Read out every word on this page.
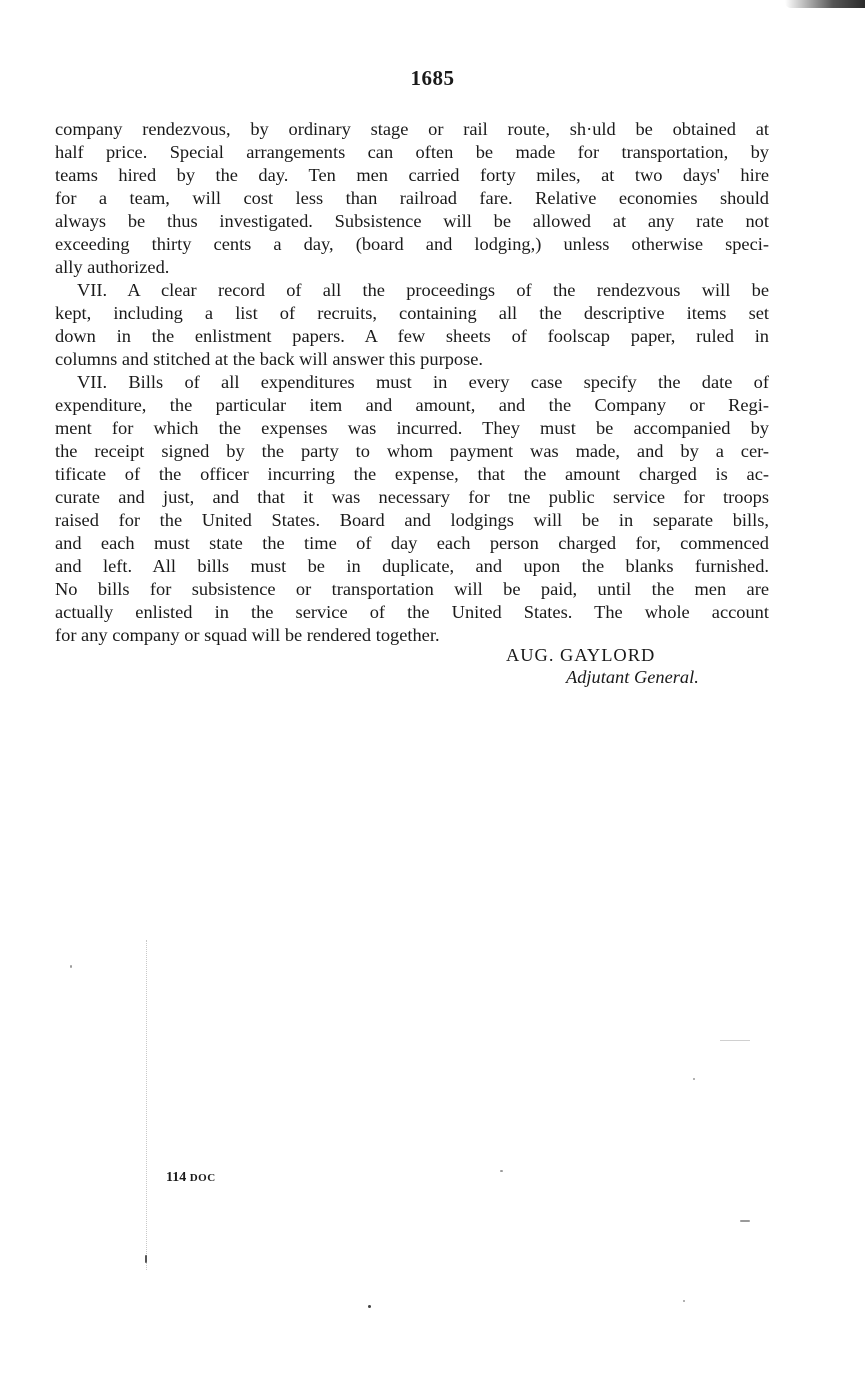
1685
company rendezvous, by ordinary stage or rail route, sh·uld be obtained at
half price. Special arrangements can often be made for transportation, by
teams hired by the day. Ten men carried forty miles, at two days' hire
for a team, will cost less than railroad fare. Relative economies should
always be thus investigated. Subsistence will be allowed at any rate not
exceeding thirty cents a day, (board and lodging,) unless otherwise speci-
ally authorized.
VII. A clear record of all the proceedings of the rendezvous will be
kept, including a list of recruits, containing all the descriptive items set
down in the enlistment papers. A few sheets of foolscap paper, ruled in
columns and stitched at the back will answer this purpose.
VII. Bills of all expenditures must in every case specify the date of
expenditure, the particular item and amount, and the Company or Regi-
ment for which the expenses was incurred. They must be accompanied by
the receipt signed by the party to whom payment was made, and by a cer-
tificate of the officer incurring the expense, that the amount charged is ac-
curate and just, and that it was necessary for tne public service for troops
raised for the United States. Board and lodgings will be in separate bills,
and each must state the time of day each person charged for, commenced
and left. All bills must be in duplicate, and upon the blanks furnished.
No bills for subsistence or transportation will be paid, until the men are
actually enlisted in the service of the United States. The whole account
for any company or squad will be rendered together.
AUG. GAYLORD
Adjutant General.
114 DOC
